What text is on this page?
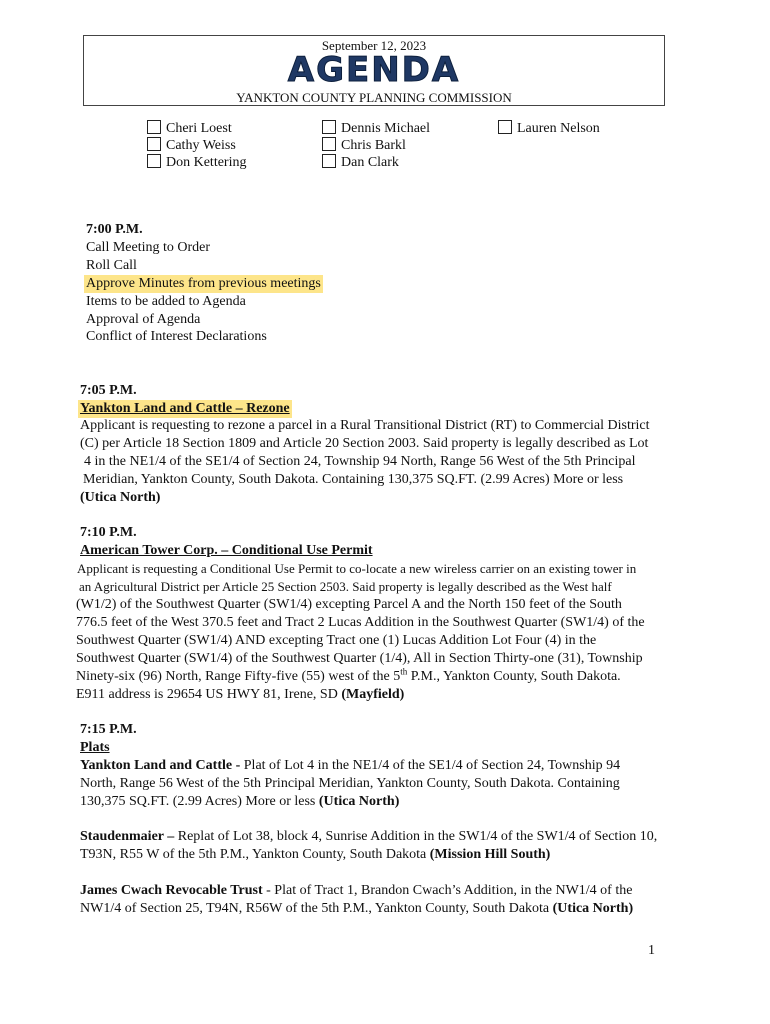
September 12, 2023
AGENDA
YANKTON COUNTY PLANNING COMMISSION
Cheri Loest
Cathy Weiss
Don Kettering
Dennis Michael
Chris Barkl
Dan Clark
Lauren Nelson
7:00 P.M.
Call Meeting to Order
Roll Call
Approve Minutes from previous meetings
Items to be added to Agenda
Approval of Agenda
Conflict of Interest Declarations
7:05 P.M.
Yankton Land and Cattle – Rezone
Applicant is requesting to rezone a parcel in a Rural Transitional District (RT) to Commercial District
(C) per Article 18 Section 1809 and Article 20 Section 2003. Said property is legally described as Lot
4 in the NE1/4 of the SE1/4 of Section 24, Township 94 North, Range 56 West of the 5th Principal
Meridian, Yankton County, South Dakota. Containing 130,375 SQ.FT. (2.99 Acres) More or less
(Utica North)
7:10 P.M.
American Tower Corp. – Conditional Use Permit
Applicant is requesting a Conditional Use Permit to co-locate a new wireless carrier on an existing tower in
an Agricultural District per Article 25 Section 2503. Said property is legally described as the West half
(W1/2) of the Southwest Quarter (SW1/4) excepting Parcel A and the North 150 feet of the South
776.5 feet of the West 370.5 feet and Tract 2 Lucas Addition in the Southwest Quarter (SW1/4) of the
Southwest Quarter (SW1/4) AND excepting Tract one (1) Lucas Addition Lot Four (4) in the
Southwest Quarter (SW1/4) of the Southwest Quarter (1/4), All in Section Thirty-one (31), Township
Ninety-six (96) North, Range Fifty-five (55) west of the 5th P.M., Yankton County, South Dakota.
E911 address is 29654 US HWY 81, Irene, SD (Mayfield)
7:15 P.M.
Plats
Yankton Land and Cattle - Plat of Lot 4 in the NE1/4 of the SE1/4 of Section 24, Township 94
North, Range 56 West of the 5th Principal Meridian, Yankton County, South Dakota. Containing
130,375 SQ.FT. (2.99 Acres) More or less (Utica North)
Staudenmaier – Replat of Lot 38, block 4, Sunrise Addition in the SW1/4 of the SW1/4 of Section 10,
T93N, R55 W of the 5th P.M., Yankton County, South Dakota (Mission Hill South)
James Cwach Revocable Trust - Plat of Tract 1, Brandon Cwach’s Addition, in the NW1/4 of the
NW1/4 of Section 25, T94N, R56W of the 5th P.M., Yankton County, South Dakota (Utica North)
1
